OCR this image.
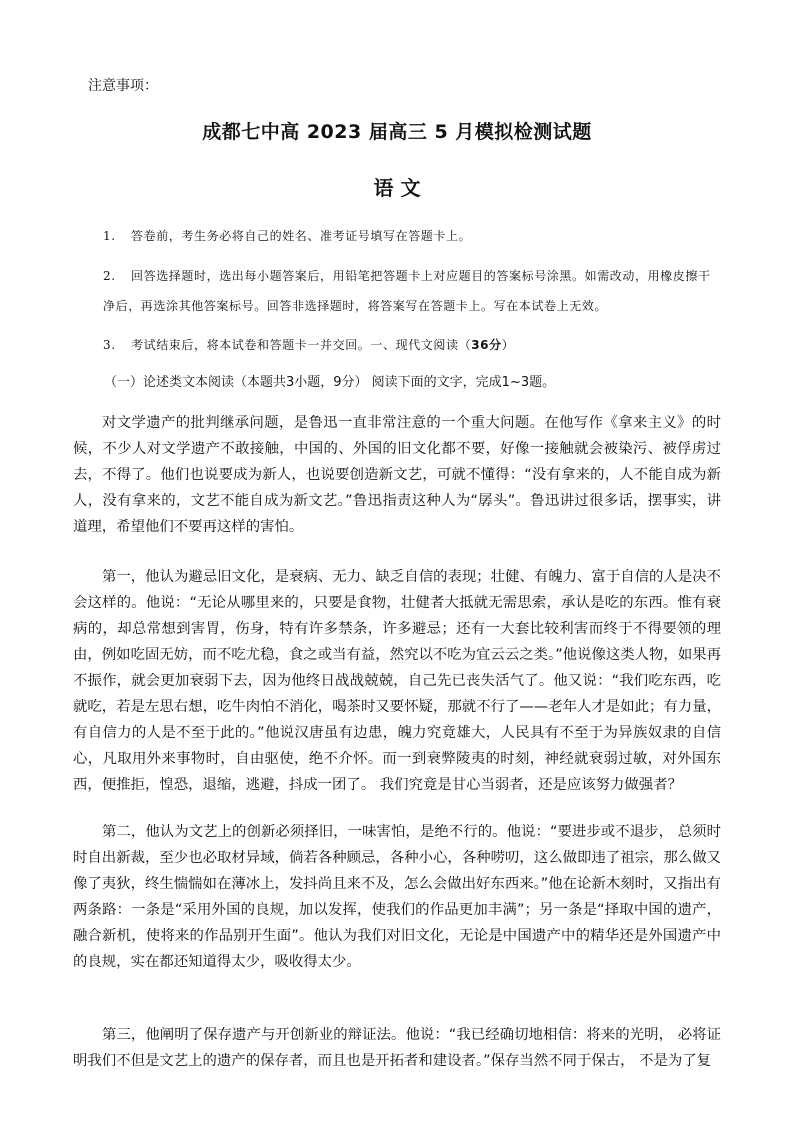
注意事项：
成都七中高 2023 届高三 5 月模拟检测试题
语 文
1. 答卷前，考生务必将自己的姓名、准考证号填写在答题卡上。
2. 回答选择题时，选出每小题答案后，用铅笔把答题卡上对应题目的答案标号涂黑。如需改动，用橡皮擦干净后，再选涂其他答案标号。回答非选择题时，将答案写在答题卡上。写在本试卷上无效。
3. 考试结束后，将本试卷和答题卡一并交回。一、现代文阅读（36分）
（一）论述类文本阅读（本题共3小题，9分） 阅读下面的文字，完成1~3题。

对文学遗产的批判继承问题，是鲁迅一直非常注意的一个重大问题。在他写作《拿来主义》的时候，不少人对文学遗产不敢接触，中国的、外国的旧文化都不要，好像一接触就会被染污、被俘虏过去，不得了。他们也说要成为新人，也说要创造新文艺，可就不懂得：“没有拿来的，人不能自成为新人，没有拿来的，文艺不能自成为新文艺。”鲁迅指责这种人为“孱头”。鲁迅讲过很多话，摆事实，讲道理，希望他们不要再这样的害怕。

第一，他认为避忌旧文化，是衰病、无力、缺乏自信的表现；壮健、有魄力、富于自信的人是决不会这样的。他说：“无论从哪里来的，只要是食物，壮健者大抵就无需思索，承认是吃的东西。惟有衰病的，却总常想到害胃，伤身，特有许多禁条，许多避忌；还有一大套比较利害而终于不得要领的理由，例如吃固无妨，而不吃尤稳，食之或当有益，然究以不吃为宜云云之类。”他说像这类人物，如果再不振作，就会更加衰弱下去，因为他终日战战兢兢，自己先已丧失活气了。他又说：“我们吃东西，吃就吃，若是左思右想，吃牛肉怕不消化，喝茶时又要怀疑，那就不行了——老年人才是如此；有力量，有自信力的人是不至于此的。”他说汉唐虽有边患，魄力究竟雄大，人民具有不至于为异族奴隶的自信心，凡取用外来事物时，自由驱使，绝不介怀。而一到衰弊陵夷的时刻，神经就衰弱过敏，对外国东西，便推拒，惶恐，退缩，逃避，抖成一团了。 我们究竟是甘心当弱者，还是应该努力做强者？

第二，他认为文艺上的创新必须择旧，一味害怕，是绝不行的。他说：“要进步或不退步， 总须时时自出新裁，至少也必取材异域，倘若各种顾忌，各种小心，各种唠叨，这么做即违了祖宗，那么做又像了夷狄，终生惴惴如在薄冰上，发抖尚且来不及，怎么会做出好东西来。”他在论新木刻时，又指出有两条路：一条是“采用外国的良规，加以发挥，使我们的作品更加丰满”；另一条是“择取中国的遗产，融合新机，使将来的作品别开生面”。他认为我们对旧文化，无论是中国遗产中的精华还是外国遗产中的良规，实在都还知道得太少，吸收得太少。

第三，他阐明了保存遗产与开创新业的辩证法。他说：“我已经确切地相信：将来的光明， 必将证明我们不但是文艺上的遗产的保存者，而且也是开拓者和建设者。”保存当然不同于保古， 不是为了复
